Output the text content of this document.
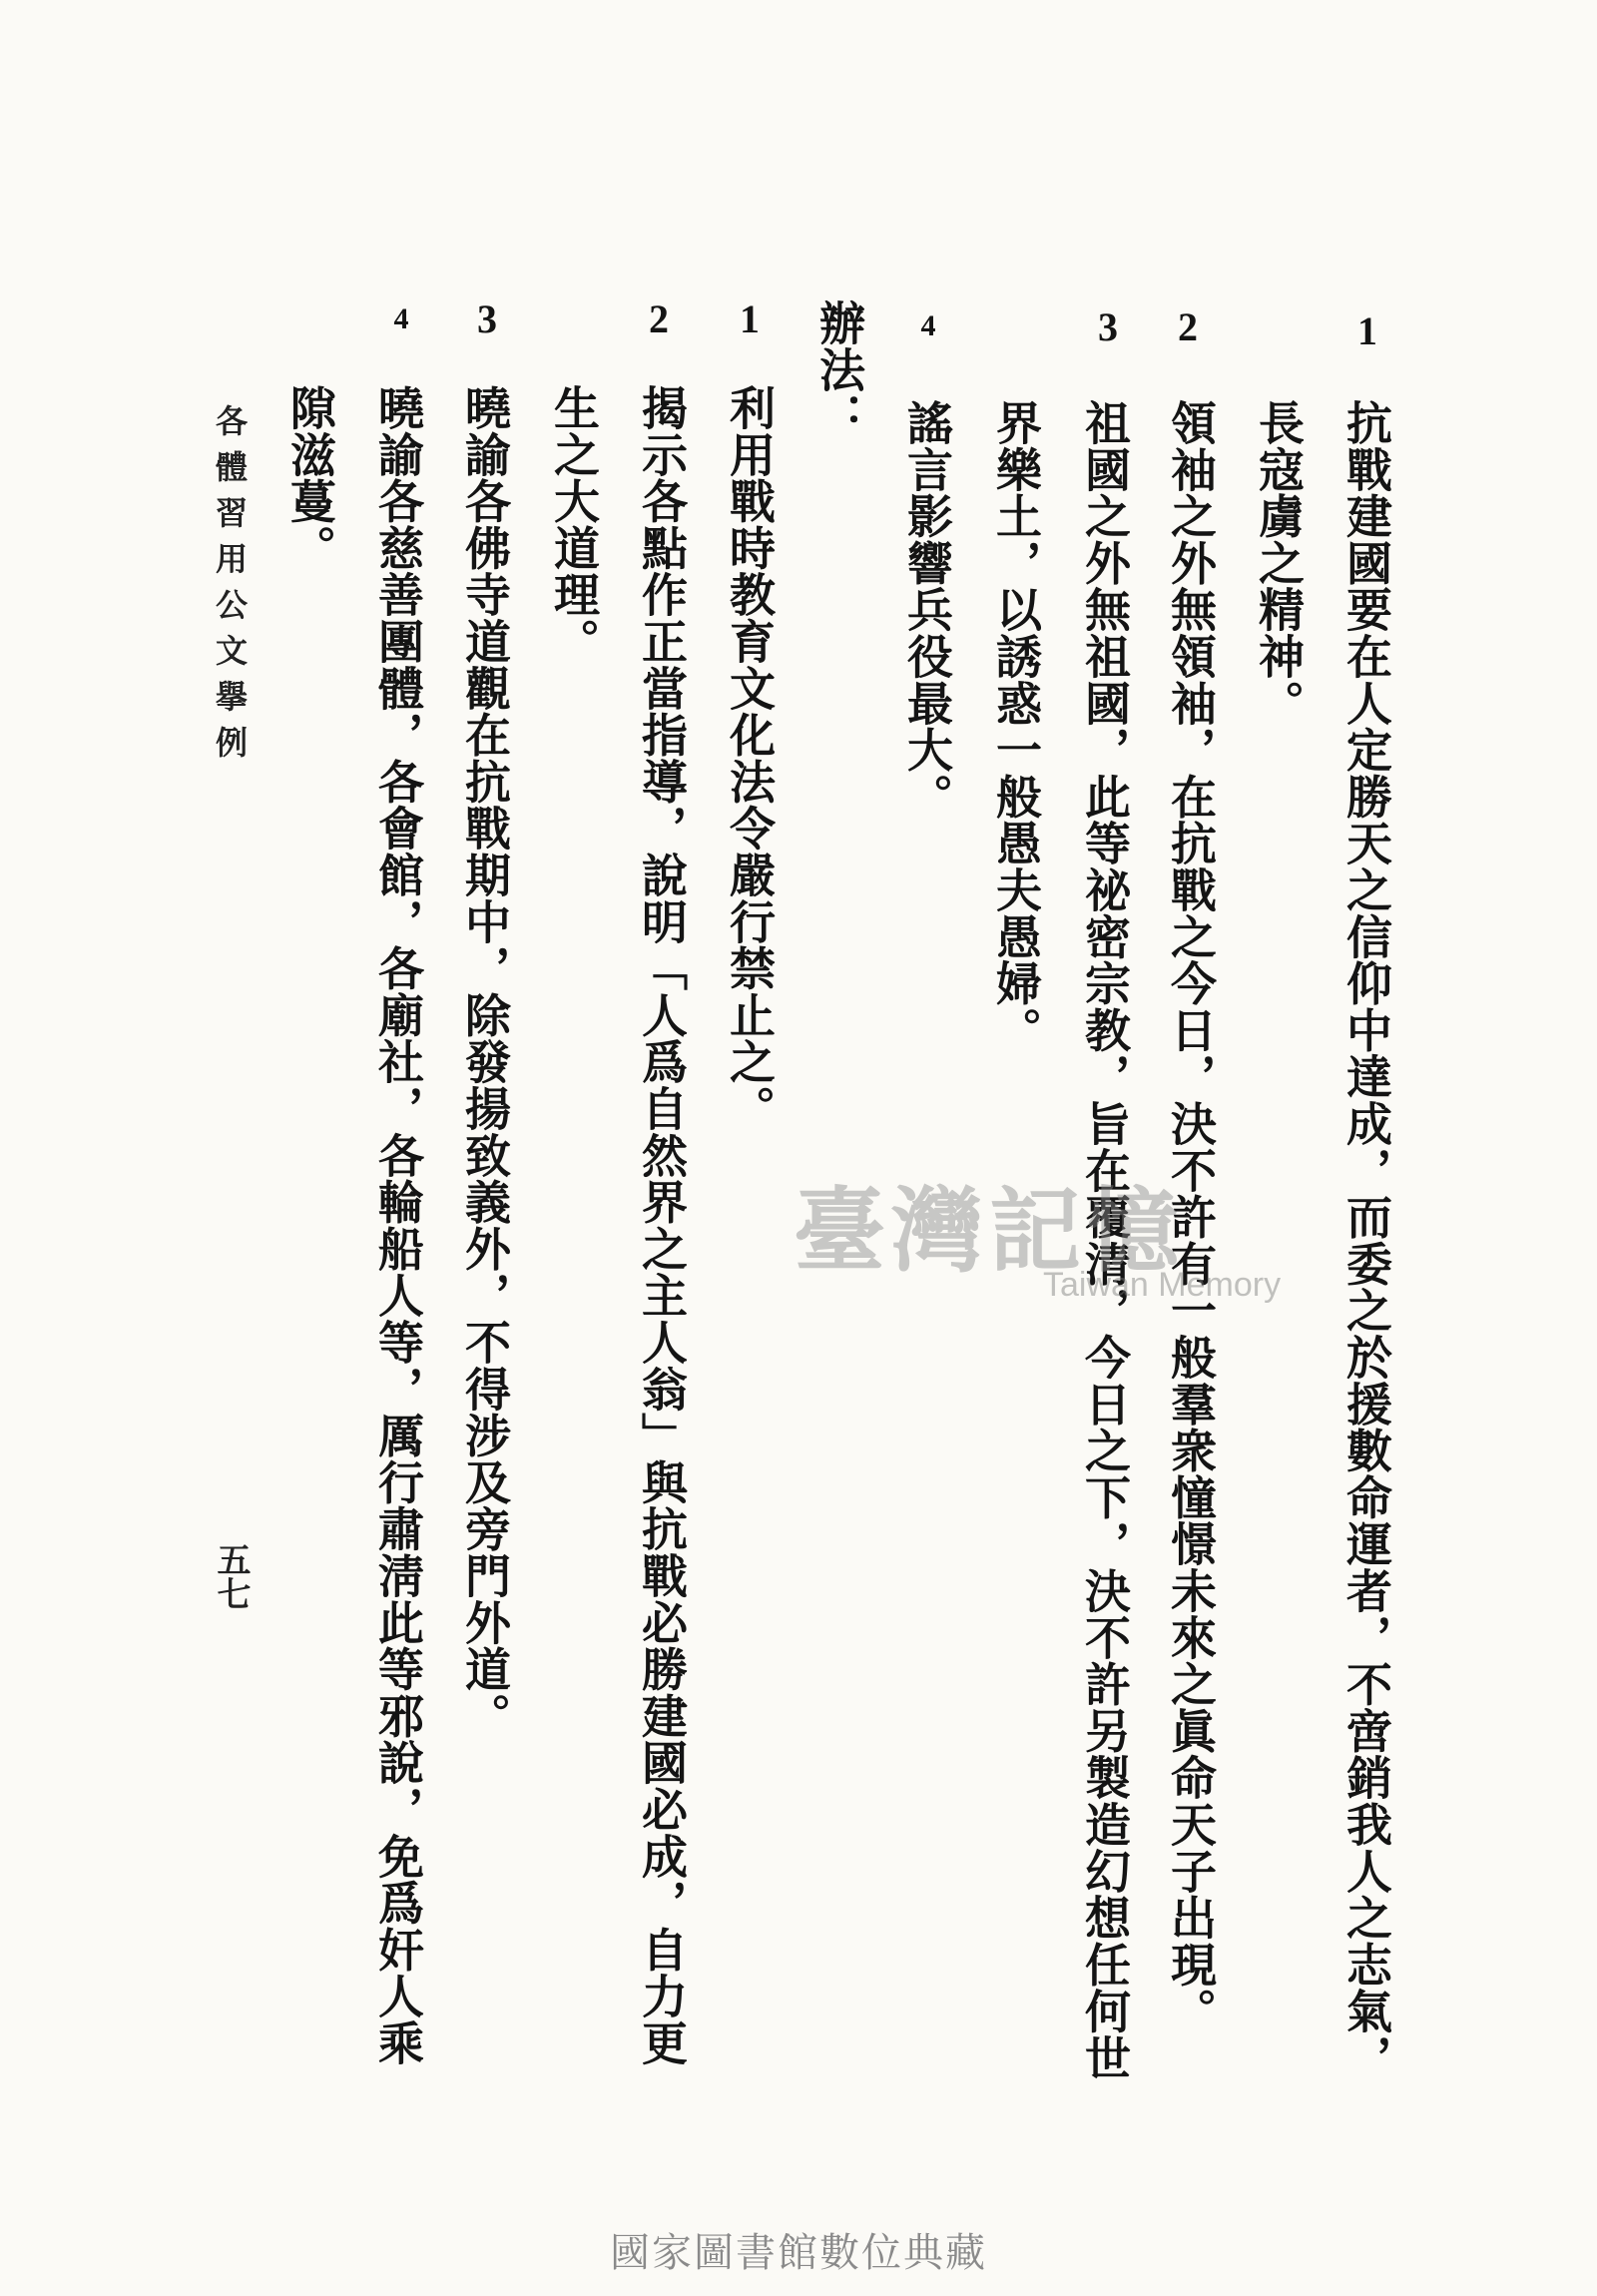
1
2
3
4
1
2
3
4
抗戰建國要在人定勝天之信仰中達成，而委之於援數命運者，不啻銷我人之志氣，
長寇虜之精神。
領袖之外無領袖，在抗戰之今日，決不許有一般羣衆憧憬未來之眞命天子出現。
祖國之外無祖國，此等祕密宗教，旨在覆清，今日之下，決不許另製造幻想任何世
界樂土，以誘惑一般愚夫愚婦。
謠言影響兵役最大。
辦法：
利用戰時教育文化法令嚴行禁止之。
揭示各點作正當指導，說明「人爲自然界之主人翁」與抗戰必勝建國必成，自力更
生之大道理。
曉諭各佛寺道觀在抗戰期中，除發揚致義外，不得涉及旁門外道。
曉諭各慈善團體，各會館，各廟社，各輪船人等，厲行肅淸此等邪說，免爲奸人乘
隙滋蔓。
各體習用公文擧例
五七
臺灣記憶
Taiwan Memory
國家圖書館數位典藏
